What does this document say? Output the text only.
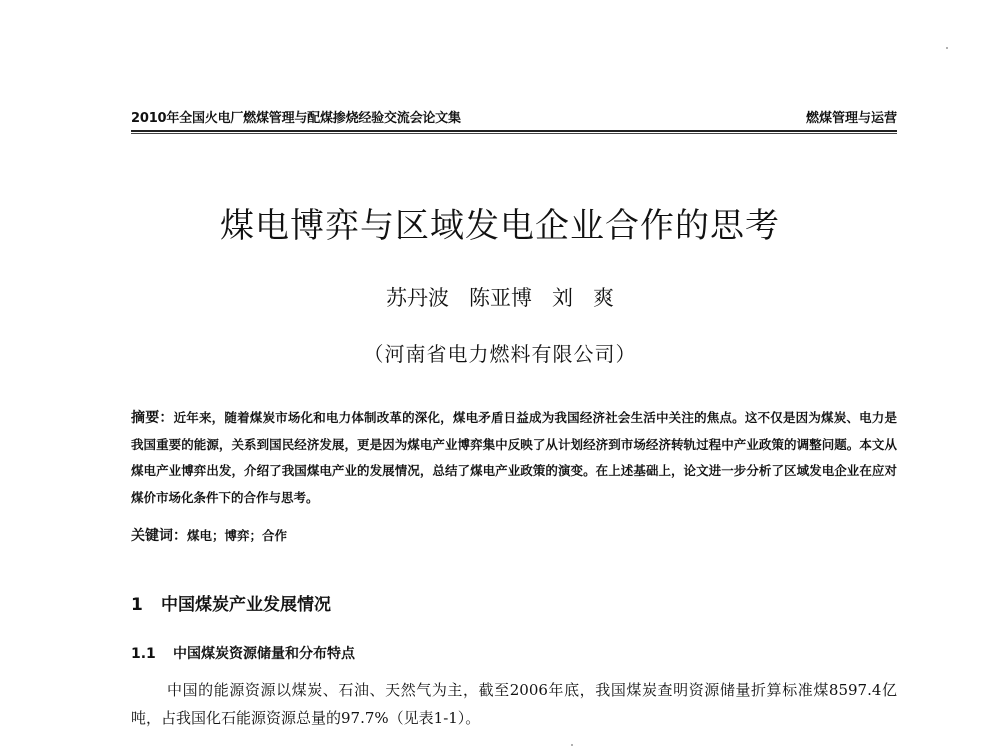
2010年全国火电厂燃煤管理与配煤掺烧经验交流会论文集	燃煤管理与运营
煤电博弈与区域发电企业合作的思考
苏丹波   陈亚博   刘   爽
（河南省电力燃料有限公司）
摘要：近年来，随着煤炭市场化和电力体制改革的深化，煤电矛盾日益成为我国经济社会生活中关注的焦点。这不仅是因为煤炭、电力是我国重要的能源，关系到国民经济发展，更是因为煤电产业博弈集中反映了从计划经济到市场经济转轨过程中产业政策的调整问题。本文从煤电产业博弈出发，介绍了我国煤电产业的发展情况，总结了煤电产业政策的演变。在上述基础上，论文进一步分析了区域发电企业在应对煤价市场化条件下的合作与思考。
关键词：煤电；博弈；合作
1 中国煤炭产业发展情况
1.1 中国煤炭资源储量和分布特点
中国的能源资源以煤炭、石油、天然气为主，截至2006年底，我国煤炭查明资源储量折算标准煤8597.4亿吨，占我国化石能源资源总量的97.7%（见表1-1）。
